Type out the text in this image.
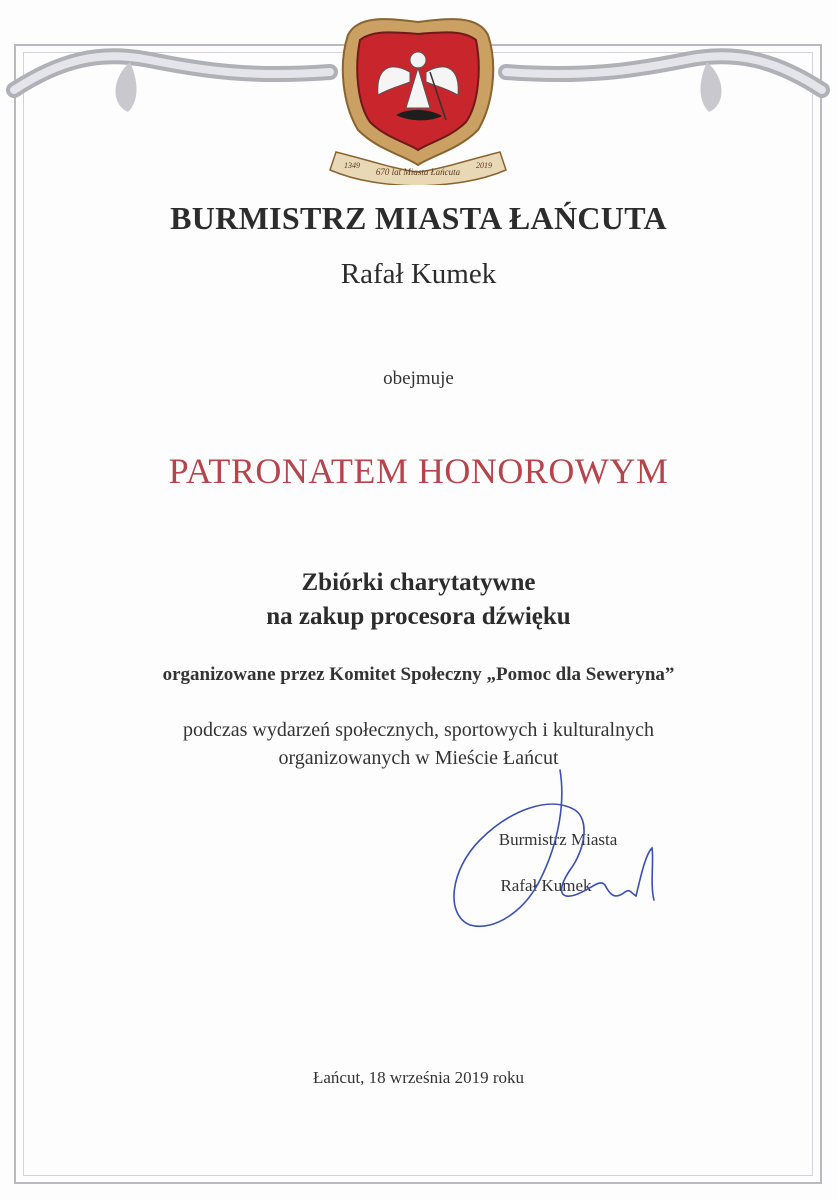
670 lat Miasta Łańcuta
1349	2019
BURMISTRZ MIASTA ŁAŃCUTA
Rafał Kumek
obejmuje
PATRONATEM HONOROWYM
Zbiórki charytatywne
na zakup procesora dźwięku
organizowane przez Komitet Społeczny „Pomoc dla Seweryna”
podczas wydarzeń społecznych, sportowych i kulturalnych
organizowanych w Mieście Łańcut
Burmistrz Miasta
Rafał Kumek
Łańcut, 18 września 2019 roku
